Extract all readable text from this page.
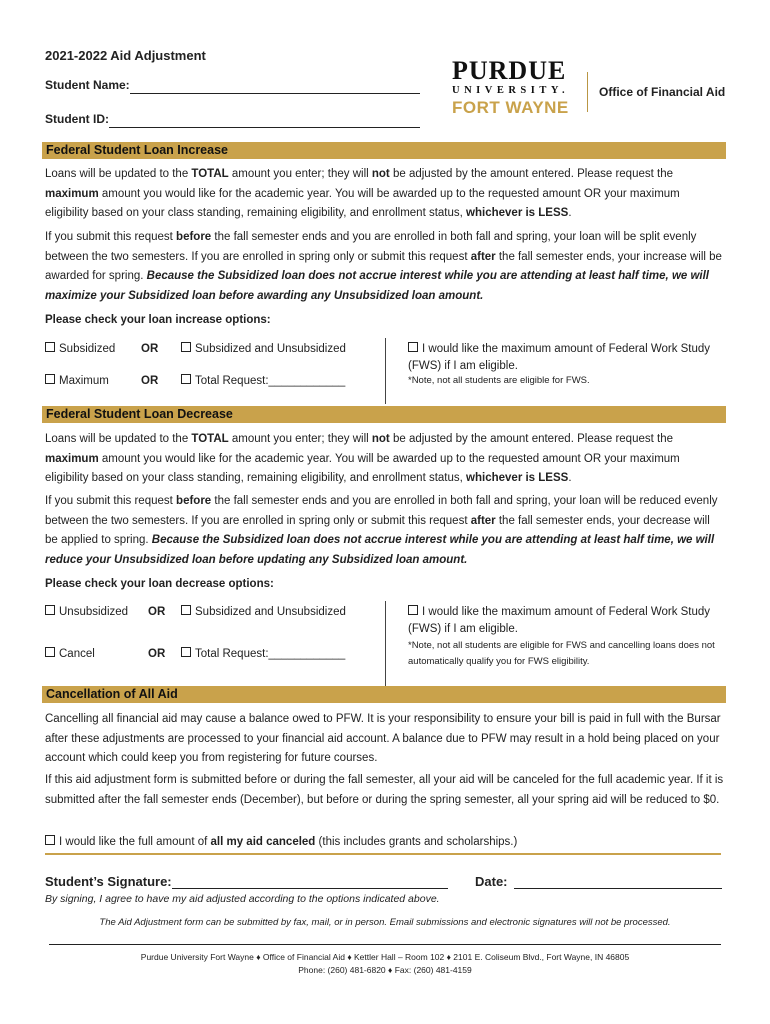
2021-2022 Aid Adjustment
Student Name:
Student ID:
PURDUE
UNIVERSITY.
FORT WAYNE
Office of Financial Aid
Federal Student Loan Increase
Loans will be updated to the TOTAL amount you enter; they will not be adjusted by the amount entered. Please request the maximum amount you would like for the academic year. You will be awarded up to the requested amount OR your maximum eligibility based on your class standing, remaining eligibility, and enrollment status, whichever is LESS.
If you submit this request before the fall semester ends and you are enrolled in both fall and spring, your loan will be split evenly between the two semesters. If you are enrolled in spring only or submit this request after the fall semester ends, your increase will be awarded for spring. Because the Subsidized loan does not accrue interest while you are attending at least half time, we will maximize your Subsidized loan before awarding any Unsubsidized loan amount.
Please check your loan increase options:
Subsidized OR	Subsidized and Unsubsidized
Maximum	OR	Total Request:____________
I would like the maximum amount of Federal Work Study (FWS) if I am eligible.
*Note, not all students are eligible for FWS.
Federal Student Loan Decrease
Loans will be updated to the TOTAL amount you enter; they will not be adjusted by the amount entered. Please request the maximum amount you would like for the academic year. You will be awarded up to the requested amount OR your maximum eligibility based on your class standing, remaining eligibility, and enrollment status, whichever is LESS.
If you submit this request before the fall semester ends and you are enrolled in both fall and spring, your loan will be reduced evenly between the two semesters. If you are enrolled in spring only or submit this request after the fall semester ends, your decrease will be applied to spring. Because the Subsidized loan does not accrue interest while you are attending at least half time, we will reduce your Unsubsidized loan before updating any Subsidized loan amount.
Please check your loan decrease options:
Unsubsidized OR	Subsidized and Unsubsidized
Cancel	OR	Total Request:____________
I would like the maximum amount of Federal Work Study (FWS) if I am eligible.
*Note, not all students are eligible for FWS and cancelling loans does not automatically qualify you for FWS eligibility.
Cancellation of All Aid
Cancelling all financial aid may cause a balance owed to PFW. It is your responsibility to ensure your bill is paid in full with the Bursar after these adjustments are processed to your financial aid account. A balance due to PFW may result in a hold being placed on your account which could keep you from registering for future courses.
If this aid adjustment form is submitted before or during the fall semester, all your aid will be canceled for the full academic year. If it is submitted after the fall semester ends (December), but before or during the spring semester, all your spring aid will be reduced to $0.
I would like the full amount of all my aid canceled (this includes grants and scholarships.)
Student’s Signature:	Date:
By signing, I agree to have my aid adjusted according to the options indicated above.
The Aid Adjustment form can be submitted by fax, mail, or in person. Email submissions and electronic signatures will not be processed.
Purdue University Fort Wayne ♦ Office of Financial Aid ♦ Kettler Hall – Room 102 ♦ 2101 E. Coliseum Blvd., Fort Wayne, IN 46805
Phone: (260) 481-6820 ♦ Fax: (260) 481-4159
